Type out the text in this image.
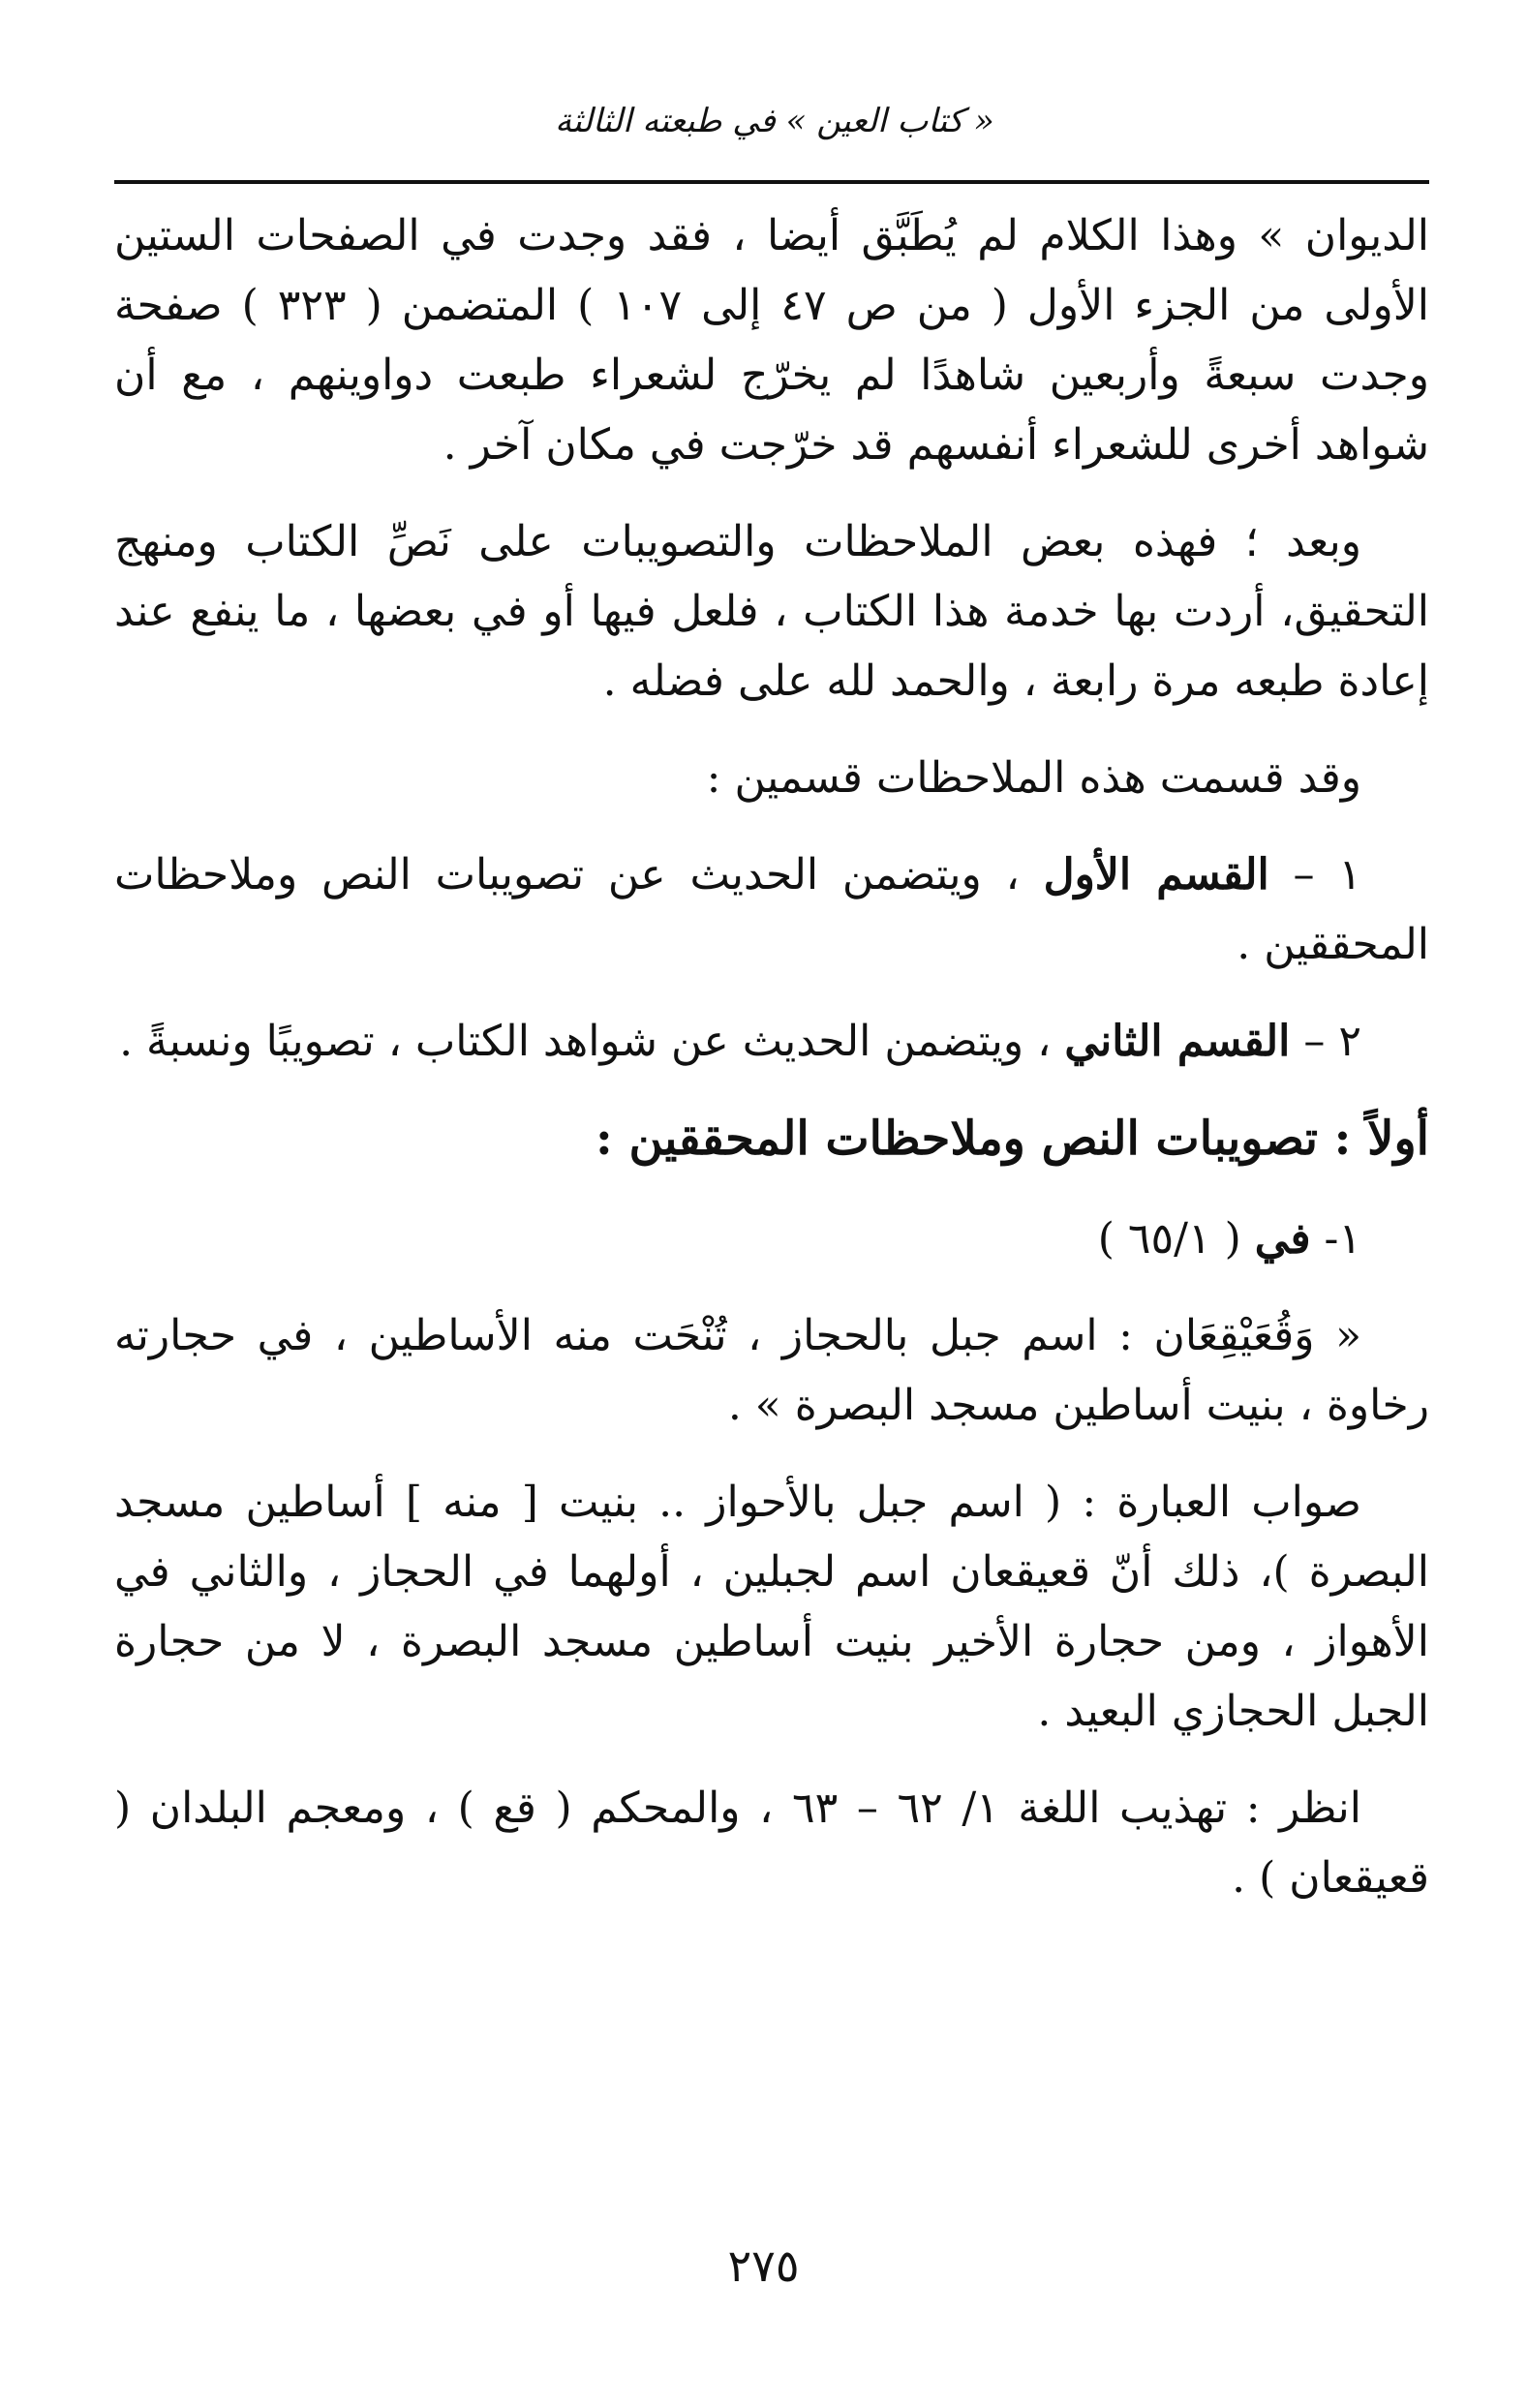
« كتاب العين » في طبعته الثالثة

الديوان » وهذا الكلام لم يُطَبَّق أيضا ، فقد وجدت في الصفحات الستين الأولى من الجزء الأول ( من ص ٤٧ إلى ١٠٧ ) المتضمن ( ٣٢٣ ) صفحة وجدت سبعةً وأربعين شاهدًا لم يخرّج لشعراء طبعت دواوينهم ، مع أن شواهد أخرى للشعراء أنفسهم قد خرّجت في مكان آخر .

وبعد ؛ فهذه بعض الملاحظات والتصويبات على نَصِّ الكتاب ومنهج التحقيق، أردت بها خدمة هذا الكتاب ، فلعل فيها أو في بعضها ، ما ينفع عند إعادة طبعه مرة رابعة ، والحمد لله على فضله .

وقد قسمت هذه الملاحظات قسمين :

١ – القسم الأول ، ويتضمن الحديث عن تصويبات النص وملاحظات المحققين .

٢ – القسم الثاني ، ويتضمن الحديث عن شواهد الكتاب ، تصويبًا ونسبةً .

أولاً : تصويبات النص وملاحظات المحققين :

١- في ( ٦٥/١ )

« وَقُعَيْقِعَان : اسم جبل بالحجاز ، تُنْحَت منه الأساطين ، في حجارته رخاوة ، بنيت أساطين مسجد البصرة » .

صواب العبارة : ( اسم جبل بالأحواز .. بنيت [ منه ] أساطين مسجد البصرة )، ذلك أنّ قعيقعان اسم لجبلين ، أولهما في الحجاز ، والثاني في الأهواز ، ومن حجارة الأخير بنيت أساطين مسجد البصرة ، لا من حجارة الجبل الحجازي البعيد .

انظر : تهذيب اللغة ١/ ٦٢ – ٦٣ ، والمحكم ( قع ) ، ومعجم البلدان ( قعيقعان ) .

٢٧٥
